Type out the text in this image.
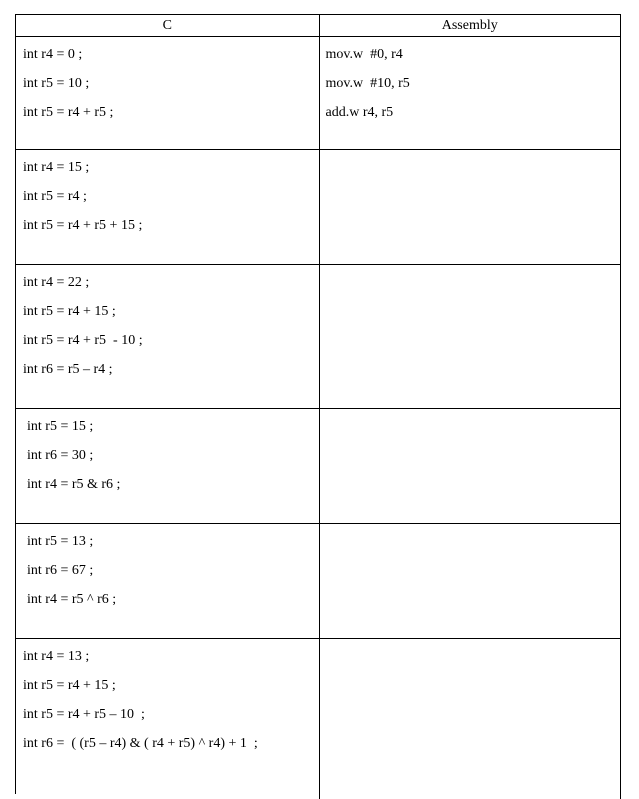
C	Assembly
int r4 = 0 ;
int r5 = 10 ;
int r5 = r4 + r5 ;
mov.w  #0, r4
mov.w  #10, r5
add.w r4, r5
int r4 = 15 ;
int r5 = r4 ;
int r5 = r4 + r5 + 15 ;
int r4 = 22 ;
int r5 = r4 + 15 ;
int r5 = r4 + r5  - 10 ;
int r6 = r5 – r4 ;
int r5 = 15 ;
int r6 = 30 ;
int r4 = r5 & r6 ;
int r5 = 13 ;
int r6 = 67 ;
int r4 = r5 ^ r6 ;
int r4 = 13 ;
int r5 = r4 + 15 ;
int r5 = r4 + r5 – 10  ;
int r6 =  ( (r5 – r4) & ( r4 + r5) ^ r4) + 1  ;
